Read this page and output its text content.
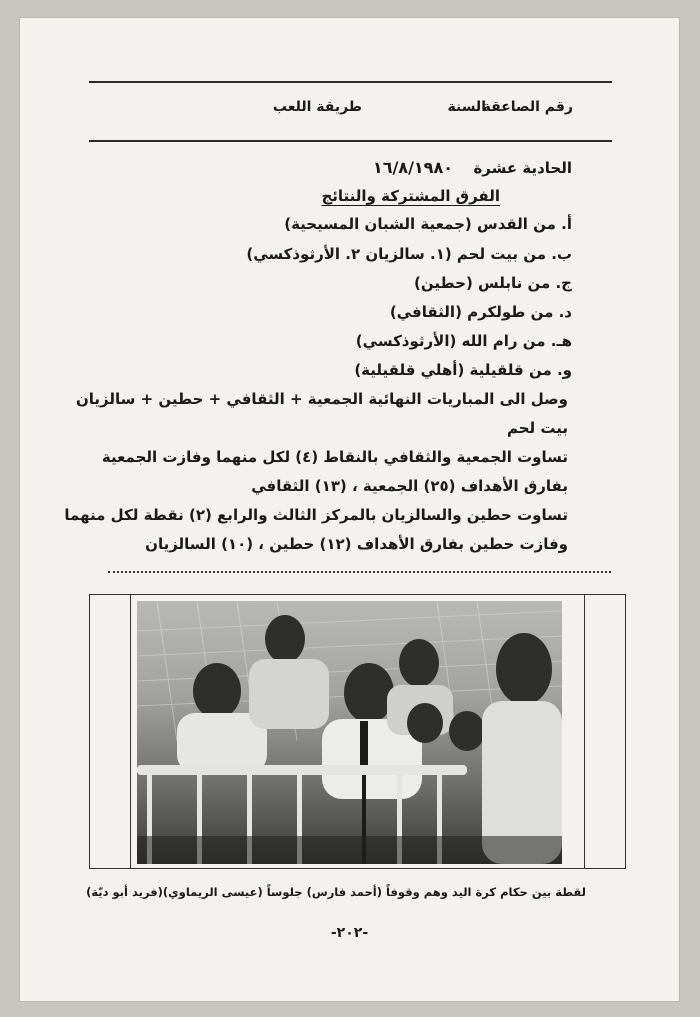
رقم الصاعقة
السنة
طريقة اللعب
الحادية عشرة  ١٦/٨/١٩٨٠
الفرق المشتركة والنتائج
أ. من القدس (جمعية الشبان المسيحية)
ب. من بيت لحم (١. سالزيان ٢. الأرثوذكسي)
ج. من نابلس (حطين)
د. من طولكرم (الثقافي)
هـ. من رام الله (الأرثوذكسي)
و. من قلقيلية (أهلي قلقيلية)
وصل الى المباريات النهائية الجمعية + الثقافي + حطين + سالزيان
بيت لحم
تساوت الجمعية والثقافي بالنقاط (٤) لكل منهما وفازت الجمعية
بفارق الأهداف (٢٥) الجمعية ، (١٣) الثقافي
تساوت حطين والسالزيان بالمركز الثالث والرابع (٢) نقطة لكل منهما
وفازت حطين بفارق الأهداف (١٢) حطين ، (١٠) السالزيان
لقطة بين حكام كرة اليد وهم وقوفاً (أحمد فارس) جلوساً (عيسى الريماوي)(فريد أبو ديّة)
-٢٠٢-
